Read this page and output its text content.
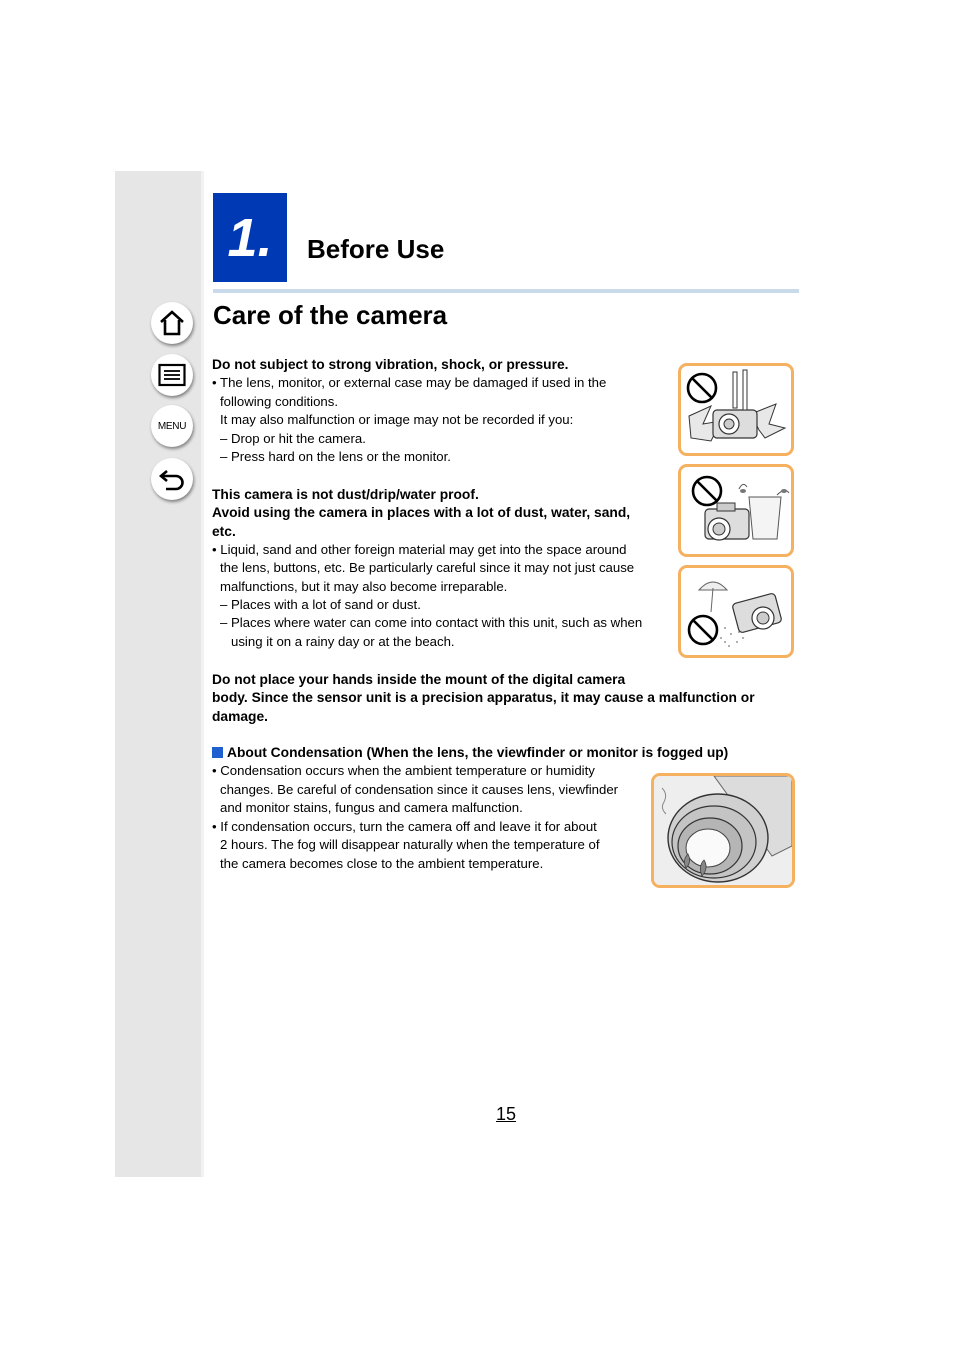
MENU
1.	Before Use
Care of the camera
Do not subject to strong vibration, shock, or pressure.
• The lens, monitor, or external case may be damaged if used in the
following conditions.
It may also malfunction or image may not be recorded if you:
– Drop or hit the camera.
– Press hard on the lens or the monitor.
This camera is not dust/drip/water proof.
Avoid using the camera in places with a lot of dust, water, sand,
etc.
• Liquid, sand and other foreign material may get into the space around
the lens, buttons, etc. Be particularly careful since it may not just cause
malfunctions, but it may also become irreparable.
– Places with a lot of sand or dust.
– Places where water can come into contact with this unit, such as when
using it on a rainy day or at the beach.
Do not place your hands inside the mount of the digital camera
body. Since the sensor unit is a precision apparatus, it may cause a malfunction or
damage.
About Condensation (When the lens, the viewfinder or monitor is fogged up)
• Condensation occurs when the ambient temperature or humidity
changes. Be careful of condensation since it causes lens, viewfinder
and monitor stains, fungus and camera malfunction.
• If condensation occurs, turn the camera off and leave it for about
2 hours. The fog will disappear naturally when the temperature of
the camera becomes close to the ambient temperature.
15
